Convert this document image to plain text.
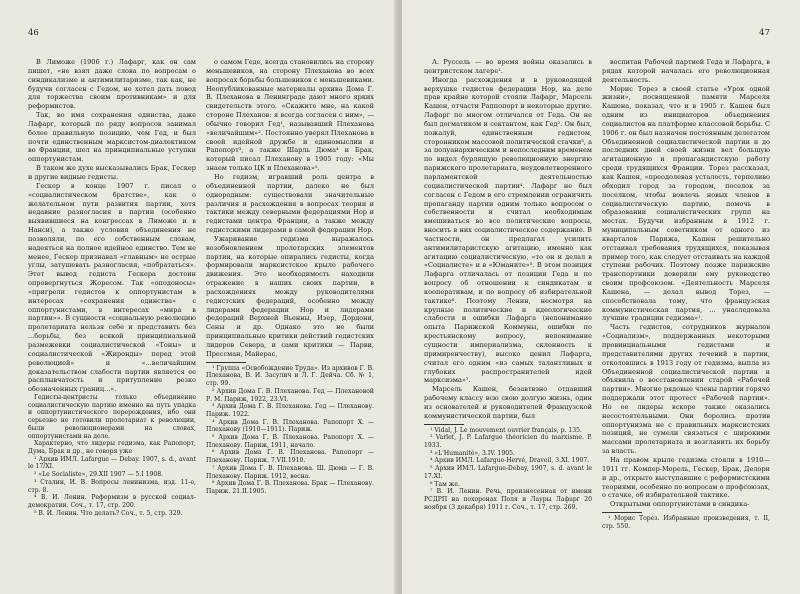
46

В Лиможе (1906 г.) Лафарг, как он сам пишет, «не взял даже слова по вопросам о синдикализме и антимилитаризме, так как, не будучи согласен с Гедом, не хотел дать повод для торжества своим противникам» и для реформистов.

Так, во имя сохранения единства, даже Лафарг, который по ряду вопросов занимал более правильную позицию, чем Гед, и был почти единственным марксистом-диалектиком во Франции, шел на принципиальные уступки оппортунистам.

В таком же духе высказывались Брак, Гескер и другие видные гедисты.

Гескер в конце 1907 г. писал о «социалистическом братстве», как о желательном пути развития партии, хотя недавние разногласия в партии (особенно выявившиеся на конгрессах в Лиможе и в Нанси), а также условия объединения не позволяли, по его собственным словам, надеяться на полное идейное единство. Тем не менее, Гескер признавал «главным» не острые углы, затушевать разногласия, «побрататься». Этот вывод гедиста Гескера достоин опровергнуться Жоресом. Так «оподоносы» «пригрели гедистов к оппортунистам в интересах «сохранения единства» с оппортунистами, в интересах «мира в партии»». В сущности «социальную революцию пролетариата нельзя себе и представить без ...борьбы, без всякой принципиальной размежевки социалистической «Тоны» и социалистической «Жиронды» перед этой революцией» и «...величайшим доказательством слабости партии является ее расплывчатость и притупление резко обозначенных границ...».

Гедисты-центристы только объединение социалистическую партию именно на путь упадка и оппортунистического перерождения, ибо они серьезно не готовили пролетариат к революции, были революционерами на словах, оппортунистами на деле.

Характерно, что лидеры гедизма, как Рапопорт, Дума, Брак и др., не говоря уже

¹ Архив ИМЛ. Lafargue — Debay. 1907, s. d., avant le 17/XI.

² «Le Socialiste», 29.XII 1907 — 5.I 1908.

³ Сталин, И. В. Вопросы ленинизма, изд. 11-е, стр. 8.

⁴ В. И. Ленин. Реформизм в русской социал-демократии. Соч., т. 17, стр. 200.

⁵ В. И. Ленин. Что делать? Соч., т. 5, стр. 329.

о самом Геде, всегда становились на сторону меньшевиков, на сторону Плеханова во всех вопросах борьбы большевиков с меньшевиками. Неопубликованные материалы архива Дома Г. В. Плеханова в Ленинграде дают много ярких свидетельств этого. «Скажите мне, на какой стороне Плеханов: я всегда согласен с ним», — обычно говорил Гед¹, называвший Плеханова «величайшим»². Постоянно уверял Плеханова в своей идейной дружбе и единомыслии и Рапопорт³, а также Шарль Дюма⁴ и Брак, который писал Плеханову в 1905 году: «Мы знаем только ЦК и Плеханова»⁵.

Но гедизм, игравший роль центра в объединенной партии, далеко не был однородным: существовали значительные различия и расхождения в вопросах теории и тактики между северными федерациями Нор и гедистами центра Франции, а также между гедистскими лидерами в самой федерации Нор.

Ужаривание гедизма выражалось возобновлением пролетарских элементов партии, на которые опирались гедисты, когда формировали марксистское крыло рабочего движения. Это необходимость находили отражение в наших своих партии, в расхождениях между руководителями гедистских федераций, особенно между лидерами федерации Нор и лидерами федераций Верхней Вьенны, Изер, Дордони, Сены и др. Однако это не были принципиальные критики действий гедистских лидеров Севера, и сами критики — Парви, Прессман, Майерас,

¹ Группа «Освобождение Труда». Из архивов Г. В. Плеханова, В. И. Засулич и Л. Г. Дейча. Сб. № 1, стр. 99.

² Архив Дома Г. В. Плеханова. Гед — Плехановой Р. М. Париж, 1922, 23.VI.

³ Архив Дома Г. В. Плеханова. Гед — Плеханову. Париж. 1922.

⁴ Архив Дома Г. В. Плеханова. Рапопорт Х. — Плеханову (1910—1911). Париж.

⁵ Архив Дома Г. В. Плеханова. Рапопорт Х. — Плеханову. Париж, 1911, начало.

⁶ Архив Дома Г. В. Плеханова. Рапопорт — Плеханову. Париж. 7.VII.1910.

⁷ Архив Дома Г. В. Плеханова. Ш. Дюма — Г. В. Плеханову. Париж. 1912, весна.

⁸ Архив Дома Г. В. Плеханова. Брак — Плеханову. Париж. 21.II.1905.

47

А. Руссель — во время войны оказались в центристском лагере¹.

Иногда расхождения и в руководящей верхушке гедистов федерации Нор, на деле прав крайне которой стояли Лафарг, Марсель Кашен, отчасти Раппопорт и некоторые другие. Лафарг по многом отличался от Геда. Он не был догматиком и сектантом, как Гед². Он был, пожалуй, единственным гедистом, сторонником массовой политической стачки³, а за полуанархическим и непоследним временем по видел бурлящую революционную энергию парижского пролетариата, неудовлетворенного парламентской деятельностью социалистической партии⁴. Лафарг не был согласен с Гедом в его стремлении ограничить пропаганду партии одним только вопросом о собственности и считал необходимым вмешиваться во все политические вопросы, вносить в них социалистическое содержание. В частности, он предлагал усилить антимилитаристскую агитацию, именно как агитацию социалистическую, «то он и делал в «Социалисте» и в «Юманите»⁵. В этом позиция Лафарга отличалась от позиции Геда и по вопросу об отношении к синдикатам и кооперативам, и по вопросу об избирательной тактике⁶. Поэтому Ленин, несмотря на крупные политические и идеологические слабости и ошибки Лафарга (непонимание опыта Парижской Коммуны, ошибки по крестьянскому вопросу, непонимание сущности империализма, склонность к примиренчеству), высоко ценил Лафарга, считал его одним «из самых талантливых и глубоких распространителей идей марксизма»⁷.

Марсель Кашен, безавтвэно отдавший рабочему классу всю свою долгую жизнь, один из основателей и руководителей Французской коммунистической партии, был

¹ Vidal, J. Le mouvement ouvrier français, p. 135.

² Varlet, J. P. Lafargue théoricien du marxisme. P. 1933.

³ «L'Humanité», 3.IV. 1905.

⁴ Архив ИМЛ. Lafargue-Hervé, Draveil, 3.XI. 1907.

⁵ Архив ИМЛ. Lafargue-Debay, 1907, s. d. avant le 17.XI.

⁶ Там же.

⁷ В. И. Ленин. Речь, произнесенная от имени РСДРП на похоронах Поля и Лауры Лафарг 20 ноября (3 декабря) 1911 г. Соч., т. 17, стр. 269.

воспитан Рабочей партией Геда и Лафарга, в рядах которой началась его революционная деятельность.

Морис Торез в своей статье «Урок одной жизни», посвященной памяти Марселя Кашена, показал, что и в 1905 г. Кашен был одним из инициаторов объединения социалистов на платформе классовой борьбы. С 1906 г. он был назначен постоянным делегатом Объединенной социалистической партии и до последних дней своей жизни вел большую агитационную и пропагандистскую работу среди трудящихся Франции. Торез рассказал, как Кашен, «преодолевая усталость, терпеливо обходил город за городом, поселок за поселком, чтобы вовлечь новых членов в социалистическую партию, помочь в образовании социалистических групп на местах. Будучи избранным в 1912 г. муниципальным советником от одного из кварталов Парижа, Кашен решительно отстаивал требования трудящихся, показывая пример того, как следует отстаивать на каждой ступени рабочих. Поэтому позже парижские транспортники доверили ему руководство своим профсоюзом. «Деятельность Марселя Кашена, — делал вывод Торез, — способствовала тому, что французская коммунистическая партия, ... унаследовала лучшие традиции гедизма»¹.

Часть гедистов, сотрудников журналов «Социализм», поддержанных некоторыми провинциальными гедистами и представителями других течений в партии, отколовшись в 1913 году от гедизма, выпла из Объединенной социалистической партии и объявила о восстановлении старой «Рабочей партии». Многие рядовые члены партии горячо поддержали этот протест «Рабочей партии». Но ее лидеры вскоре также оказались несостоятельными. Они боролись против оппортунизма не с правильных марксистских позиций, не сумели связаться с широкими массами пролетариата и возглавить их борьбу за власть.

На правом крыле гедизма стояли в 1910—1911 гг. Компер-Морель, Гескер, Брак, Делори и др., открыто выступавшие с реформистскими теориями, особенно по вопросам о профсоюзах, о стачке, об избирательной тактике.

Открытыми оппортунистами в синдика-

¹ Морис Торез. Избранные произведения, т. II, стр. 550.
